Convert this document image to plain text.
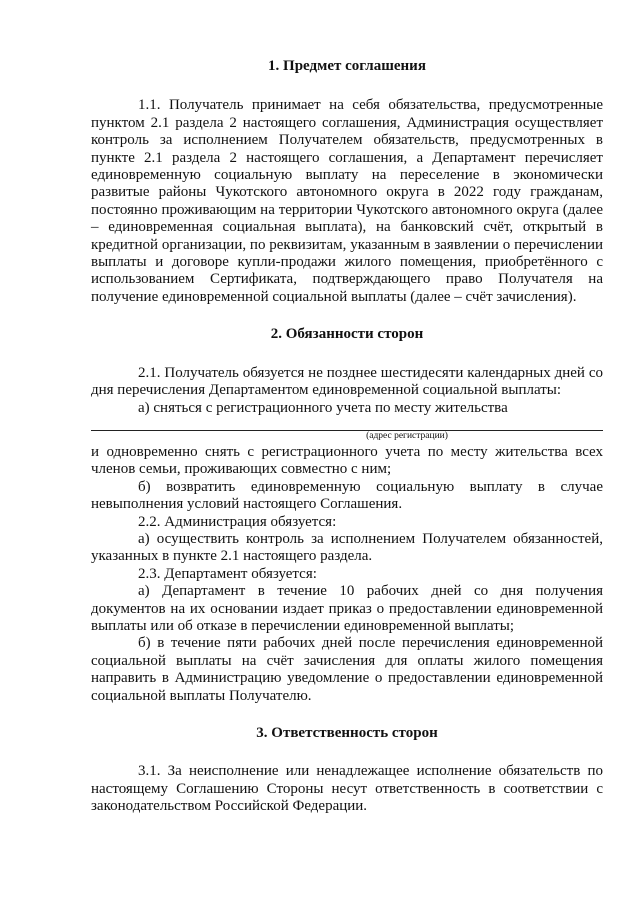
1. Предмет соглашения

1.1. Получатель принимает на себя обязательства, предусмотренные пунктом 2.1 раздела 2 настоящего соглашения, Администрация осуществляет контроль за исполнением Получателем обязательств, предусмотренных в пункте 2.1 раздела 2 настоящего соглашения, а Департамент перечисляет единовременную социальную выплату на переселение в экономически развитые районы Чукотского автономного округа в 2022 году гражданам, постоянно проживающим на территории Чукотского автономного округа (далее – единовременная социальная выплата), на банковский счёт, открытый в кредитной организации, по реквизитам, указанным в заявлении о перечислении выплаты и договоре купли-продажи жилого помещения, приобретённого с использованием Сертификата, подтверждающего право Получателя на получение единовременной социальной выплаты (далее – счёт зачисления).

2. Обязанности сторон

2.1. Получатель обязуется не позднее шестидесяти календарных дней со дня перечисления Департаментом единовременной социальной выплаты:

а) сняться с регистрационного учета по месту жительства

(адрес регистрации)

и одновременно снять с регистрационного учета по месту жительства всех членов семьи, проживающих совместно с ним;

б) возвратить единовременную социальную выплату в случае невыполнения условий настоящего Соглашения.

2.2. Администрация обязуется:

а) осуществить контроль за исполнением Получателем обязанностей, указанных в пункте 2.1 настоящего раздела.

2.3. Департамент обязуется:

а) Департамент в течение 10 рабочих дней со дня получения документов на их основании издает приказ о предоставлении единовременной выплаты или об отказе в перечислении единовременной выплаты;

б) в течение пяти рабочих дней после перечисления единовременной социальной выплаты на счёт зачисления для оплаты жилого помещения направить в Администрацию уведомление о предоставлении единовременной социальной выплаты Получателю.

3. Ответственность сторон

3.1. За неисполнение или ненадлежащее исполнение обязательств по настоящему Соглашению Стороны несут ответственность в соответствии с законодательством Российской Федерации.
